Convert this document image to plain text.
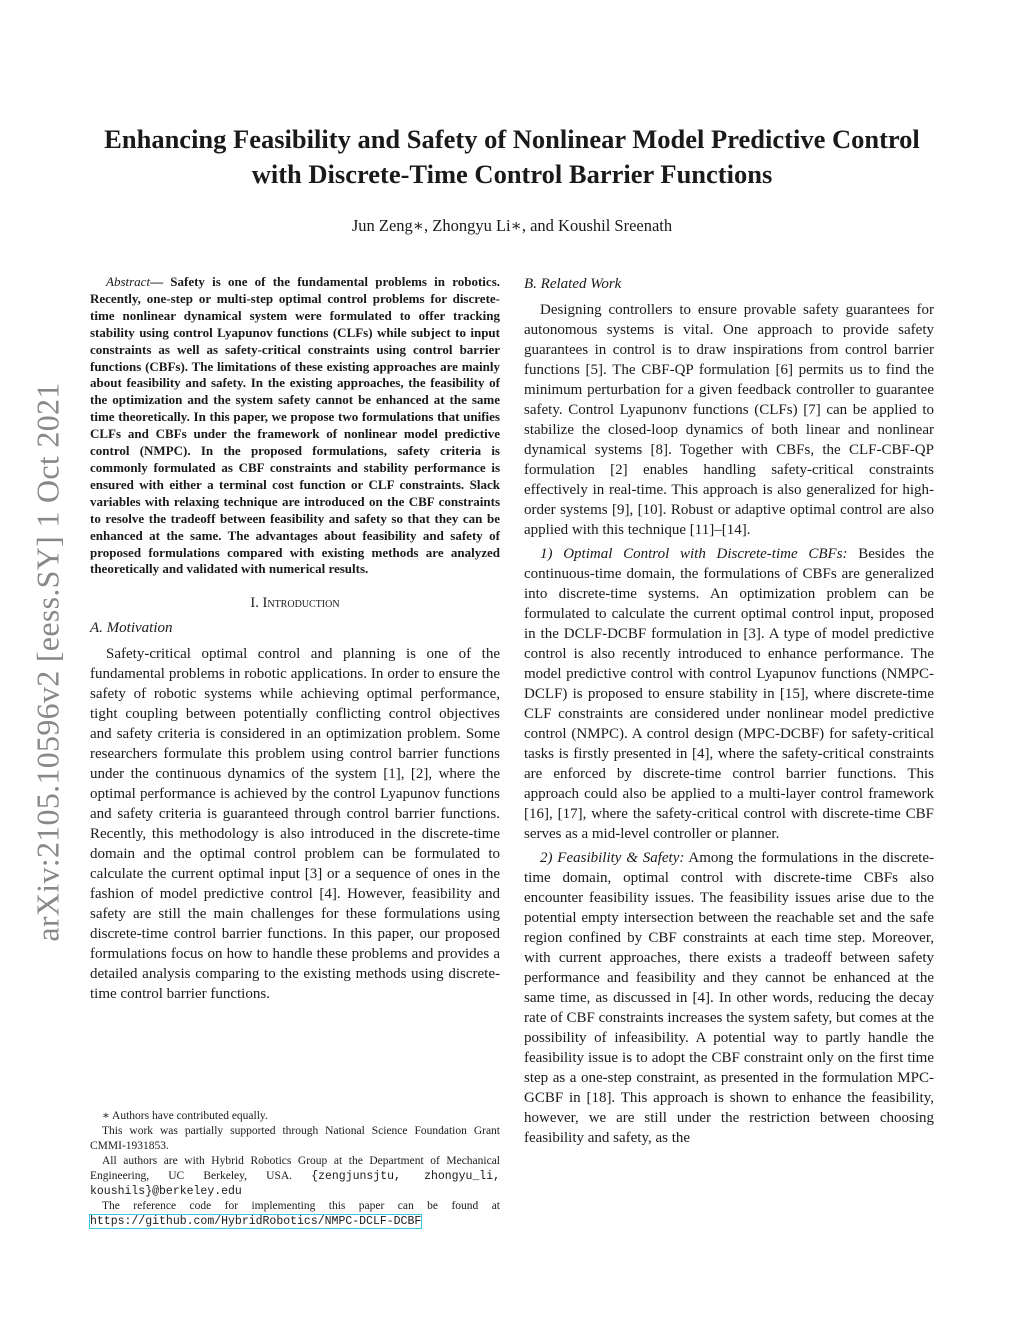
arXiv:2105.10596v2 [eess.SY] 1 Oct 2021
Enhancing Feasibility and Safety of Nonlinear Model Predictive Control
with Discrete-Time Control Barrier Functions
Jun Zeng∗, Zhongyu Li∗, and Koushil Sreenath

Abstract— Safety is one of the fundamental problems in robotics. Recently, one-step or multi-step optimal control problems for discrete-time nonlinear dynamical system were formulated to offer tracking stability using control Lyapunov functions (CLFs) while subject to input constraints as well as safety-critical constraints using control barrier functions (CBFs). The limitations of these existing approaches are mainly about feasibility and safety. In the existing approaches, the feasibility of the optimization and the system safety cannot be enhanced at the same time theoretically. In this paper, we propose two formulations that unifies CLFs and CBFs under the framework of nonlinear model predictive control (NMPC). In the proposed formulations, safety criteria is commonly formulated as CBF constraints and stability performance is ensured with either a terminal cost function or CLF constraints. Slack variables with relaxing technique are introduced on the CBF constraints to resolve the tradeoff between feasibility and safety so that they can be enhanced at the same. The advantages about feasibility and safety of proposed formulations compared with existing methods are analyzed theoretically and validated with numerical results.

I. Introduction
A. Motivation

Safety-critical optimal control and planning is one of the fundamental problems in robotic applications. In order to ensure the safety of robotic systems while achieving optimal performance, tight coupling between potentially conflicting control objectives and safety criteria is considered in an optimization problem. Some researchers formulate this problem using control barrier functions under the continuous dynamics of the system [1], [2], where the optimal performance is achieved by the control Lyapunov functions and safety criteria is guaranteed through control barrier functions. Recently, this methodology is also introduced in the discrete-time domain and the optimal control problem can be formulated to calculate the current optimal input [3] or a sequence of ones in the fashion of model predictive control [4]. However, feasibility and safety are still the main challenges for these formulations using discrete-time control barrier functions. In this paper, our proposed formulations focus on how to handle these problems and provides a detailed analysis comparing to the existing methods using discrete-time control barrier functions.

∗ Authors have contributed equally.

This work was partially supported through National Science Foundation Grant CMMI-1931853.

All authors are with Hybrid Robotics Group at the Department of Mechanical Engineering, UC Berkeley, USA. {zengjunsjtu, zhongyu_li, koushils}@berkeley.edu

The reference code for implementing this paper can be found at https://github.com/HybridRobotics/NMPC-DCLF-DCBF

B. Related Work

Designing controllers to ensure provable safety guarantees for autonomous systems is vital. One approach to provide safety guarantees in control is to draw inspirations from control barrier functions [5]. The CBF-QP formulation [6] permits us to find the minimum perturbation for a given feedback controller to guarantee safety. Control Lyapunonv functions (CLFs) [7] can be applied to stabilize the closed-loop dynamics of both linear and nonlinear dynamical systems [8]. Together with CBFs, the CLF-CBF-QP formulation [2] enables handling safety-critical constraints effectively in real-time. This approach is also generalized for high-order systems [9], [10]. Robust or adaptive optimal control are also applied with this technique [11]–[14].

1) Optimal Control with Discrete-time CBFs: Besides the continuous-time domain, the formulations of CBFs are generalized into discrete-time systems. An optimization problem can be formulated to calculate the current optimal control input, proposed in the DCLF-DCBF formulation in [3]. A type of model predictive control is also recently introduced to enhance performance. The model predictive control with control Lyapunov functions (NMPC-DCLF) is proposed to ensure stability in [15], where discrete-time CLF constraints are considered under nonlinear model predictive control (NMPC). A control design (MPC-DCBF) for safety-critical tasks is firstly presented in [4], where the safety-critical constraints are enforced by discrete-time control barrier functions. This approach could also be applied to a multi-layer control framework [16], [17], where the safety-critical control with discrete-time CBF serves as a mid-level controller or planner.

2) Feasibility & Safety: Among the formulations in the discrete-time domain, optimal control with discrete-time CBFs also encounter feasibility issues. The feasibility issues arise due to the potential empty intersection between the reachable set and the safe region confined by CBF constraints at each time step. Moreover, with current approaches, there exists a tradeoff between safety performance and feasibility and they cannot be enhanced at the same time, as discussed in [4]. In other words, reducing the decay rate of CBF constraints increases the system safety, but comes at the possibility of infeasibility. A potential way to partly handle the feasibility issue is to adopt the CBF constraint only on the first time step as a one-step constraint, as presented in the formulation MPC-GCBF in [18]. This approach is shown to enhance the feasibility, however, we are still under the restriction between choosing feasibility and safety, as the
